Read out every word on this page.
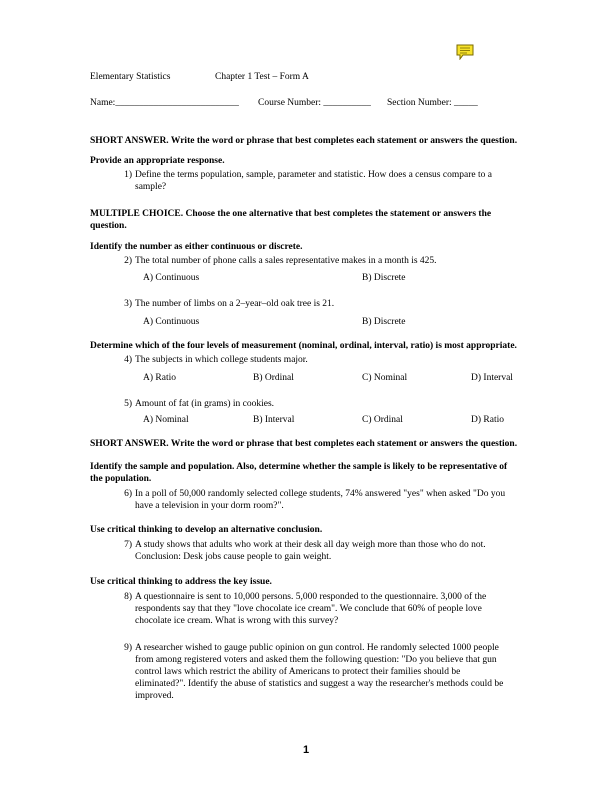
Elementary Statistics	Chapter 1 Test – Form A
Name:__________________________ Course Number: __________ Section Number: _____
SHORT ANSWER. Write the word or phrase that best completes each statement or answers the question.
Provide an appropriate response.
1) Define the terms population, sample, parameter and statistic. How does a census compare to a
sample?
MULTIPLE CHOICE. Choose the one alternative that best completes the statement or answers the
question.
Identify the number as either continuous or discrete.
2) The total number of phone calls a sales representative makes in a month is 425.
A) Continuous	B) Discrete
3) The number of limbs on a 2–year–old oak tree is 21.
A) Continuous	B) Discrete
Determine which of the four levels of measurement (nominal, ordinal, interval, ratio) is most appropriate.
4) The subjects in which college students major.
A) Ratio	B) Ordinal	C) Nominal	D) Interval
5) Amount of fat (in grams) in cookies.
A) Nominal	B) Interval	C) Ordinal	D) Ratio
SHORT ANSWER. Write the word or phrase that best completes each statement or answers the question.
Identify the sample and population. Also, determine whether the sample is likely to be representative of
the population.
6) In a poll of 50,000 randomly selected college students, 74% answered "yes" when asked "Do you
have a television in your dorm room?".
Use critical thinking to develop an alternative conclusion.
7) A study shows that adults who work at their desk all day weigh more than those who do not.
Conclusion: Desk jobs cause people to gain weight.
Use critical thinking to address the key issue.
8) A questionnaire is sent to 10,000 persons. 5,000 responded to the questionnaire. 3,000 of the
respondents say that they "love chocolate ice cream". We conclude that 60% of people love
chocolate ice cream. What is wrong with this survey?
9) A researcher wished to gauge public opinion on gun control. He randomly selected 1000 people
from among registered voters and asked them the following question: "Do you believe that gun
control laws which restrict the ability of Americans to protect their families should be
eliminated?". Identify the abuse of statistics and suggest a way the researcher's methods could be
improved.
1
